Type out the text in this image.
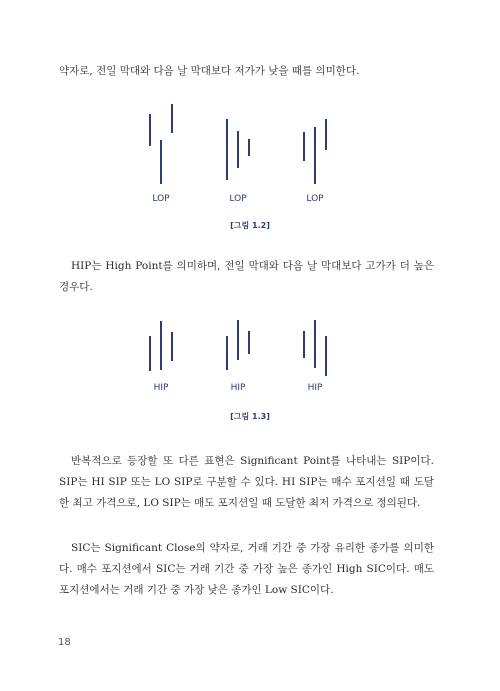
약자로, 전일 막대와 다음 날 막대보다 저가가 낮을 때를 의미한다.

LOP	LOP	LOP
[그림 1.2]

HIP는 High Point를 의미하며, 전일 막대와 다음 날 막대보다 고가가 더 높은 경우다.

HIP	HIP	HIP
[그림 1.3]

반복적으로 등장할 또 다른 표현은 Significant Point를 나타내는 SIP이다. SIP는 HI SIP 또는 LO SIP로 구분할 수 있다. HI SIP는 매수 포지션일 때 도달한 최고 가격으로, LO SIP는 매도 포지션일 때 도달한 최저 가격으로 정의된다.

SIC는 Significant Close의 약자로, 거래 기간 중 가장 유리한 종가를 의미한다. 매수 포지션에서 SIC는 거래 기간 중 가장 높은 종가인 High SIC이다. 매도 포지션에서는 거래 기간 중 가장 낮은 종가인 Low SIC이다.

18
